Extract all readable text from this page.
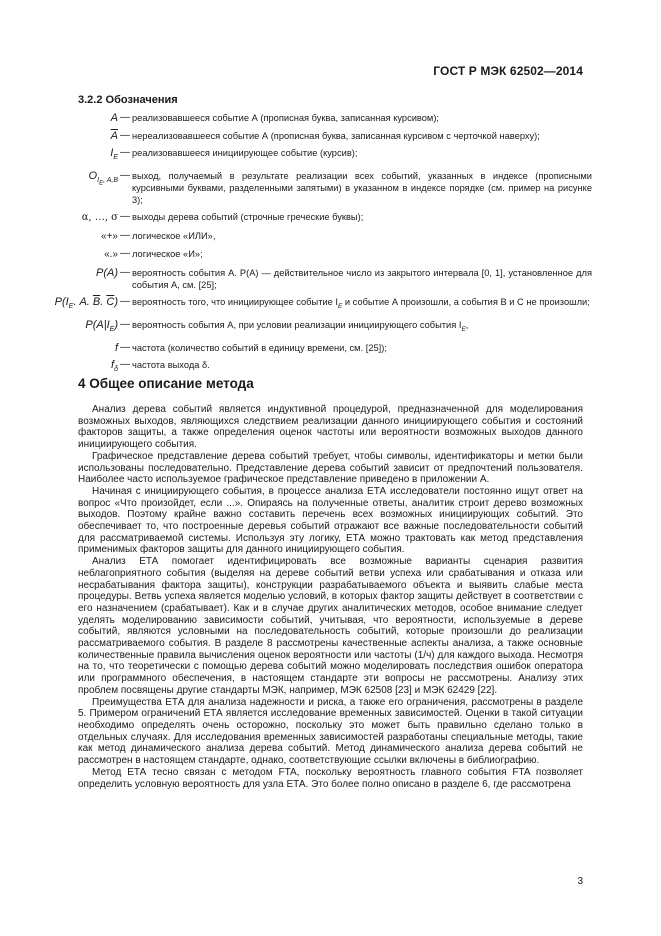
ГОСТ Р МЭК 62502—2014
3.2.2 Обозначения
A — реализовавшееся событие А (прописная буква, записанная курсивом);
$\overline{A}$ — нереализовавшееся событие А (прописная буква, записанная курсивом с черточкой наверху);
$I_E$ — реализовавшееся инициирующее событие (курсив);
$O_{I_E, A,B}$ — выход, получаемый в результате реализации всех событий, указанных в индексе (прописными курсивными буквами, разделенными запятыми) в указанном в индексе порядке (см. пример на рисунке 3);
α, …, σ — выходы дерева событий (строчные греческие буквы);
«+» — логическое «ИЛИ»,
«.» — логическое «И»;
P(A) — вероятность события А. P(A) — действительное число из закрытого интервала [0, 1], установленное для события А, см. [25];
$P(I_E$. A. $\overline{B}$. $\overline{C}$) — вероятность того, что инициирующее событие $I_E$ и событие А произошли, а события В и С не произошли;
$P(A|I_E)$ — вероятность события А, при условии реализации инициирующего события $I_E$,
f — частота (количество событий в единицу времени, см. [25]);
$f_\delta$ — частота выхода δ.
4 Общее описание метода

Анализ дерева событий является индуктивной процедурой, предназначенной для моделирования возможных выходов, являющихся следствием реализации данного инициирующего события и состояний факторов защиты, а также определения оценок частоты или вероятности возможных выходов данного инициирующего события.

Графическое представление дерева событий требует, чтобы символы, идентификаторы и метки были использованы последовательно. Представление дерева событий зависит от предпочтений пользователя. Наиболее часто используемое графическое представление приведено в приложении А.

Начиная с инициирующего события, в процессе анализа ЕТА исследователи постоянно ищут ответ на вопрос «Что произойдет, если ...». Опираясь на полученные ответы, аналитик строит дерево возможных выходов. Поэтому крайне важно составить перечень всех возможных инициирующих событий. Это обеспечивает то, что построенные деревья событий отражают все важные последовательности событий для рассматриваемой системы. Используя эту логику, ЕТА можно трактовать как метод представления применимых факторов защиты для данного инициирующего события.

Анализ ЕТА помогает идентифицировать все возможные варианты сценария развития неблагоприятного события (выделяя на дереве событий ветви успеха или срабатывания и отказа или несрабатывания фактора защиты), конструкции разрабатываемого объекта и выявить слабые места процедуры. Ветвь успеха является моделью условий, в которых фактор защиты действует в соответствии с его назначением (срабатывает). Как и в случае других аналитических методов, особое внимание следует уделять моделированию зависимости событий, учитывая, что вероятности, используемые в дереве событий, являются условными на последовательность событий, которые произошли до реализации рассматриваемого события. В разделе 8 рассмотрены качественные аспекты анализа, а также основные количественные правила вычисления оценок вероятности или частоты (1/ч) для каждого выхода. Несмотря на то, что теоретически с помощью дерева событий можно моделировать последствия ошибок оператора или программного обеспечения, в настоящем стандарте эти вопросы не рассмотрены. Анализу этих проблем посвящены другие стандарты МЭК, например, МЭК 62508 [23] и МЭК 62429 [22].

Преимущества ЕТА для анализа надежности и риска, а также его ограничения, рассмотрены в разделе 5. Примером ограничений ЕТА является исследование временных зависимостей. Оценки в такой ситуации необходимо определять очень осторожно, поскольку это может быть правильно сделано только в отдельных случаях. Для исследования временных зависимостей разработаны специальные методы, такие как метод динамического анализа дерева событий. Метод динамического анализа дерева событий не рассмотрен в настоящем стандарте, однако, соответствующие ссылки включены в библиографию.

Метод ЕТА тесно связан с методом FTA, поскольку вероятность главного события FTA позволяет определить условную вероятность для узла ЕТА. Это более полно описано в разделе 6, где рассмотрена

3
